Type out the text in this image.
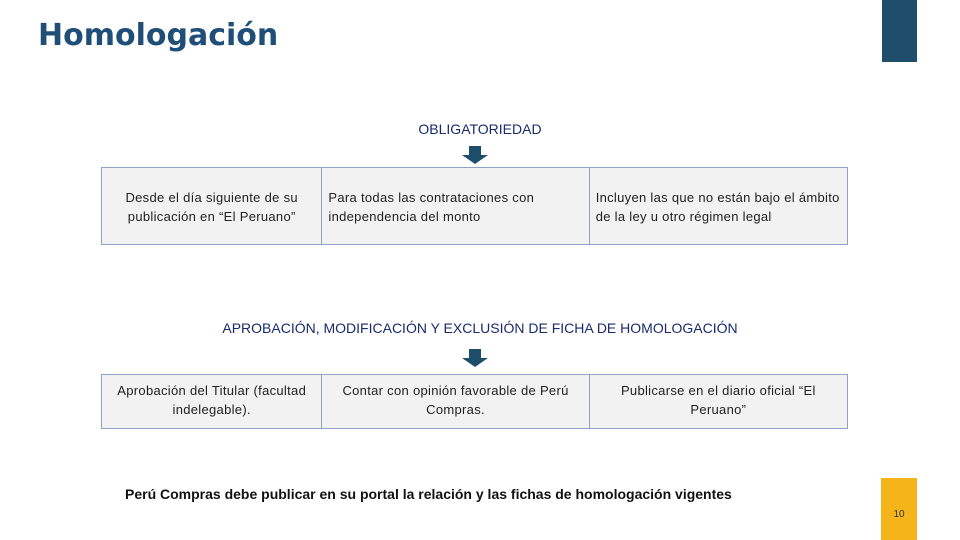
Homologación
OBLIGATORIEDAD
Desde el día siguiente de su publicación en “El Peruano”
Para todas las contrataciones con independencia del monto
Incluyen las que no están bajo el ámbito de la ley u otro régimen legal
APROBACIÓN, MODIFICACIÓN Y EXCLUSIÓN DE FICHA DE HOMOLOGACIÓN
Aprobación del Titular (facultad indelegable).
Contar con opinión favorable de Perú Compras.
Publicarse en el diario oficial “El Peruano”
Perú Compras debe publicar en su portal la relación y las fichas de homologación vigentes
10
